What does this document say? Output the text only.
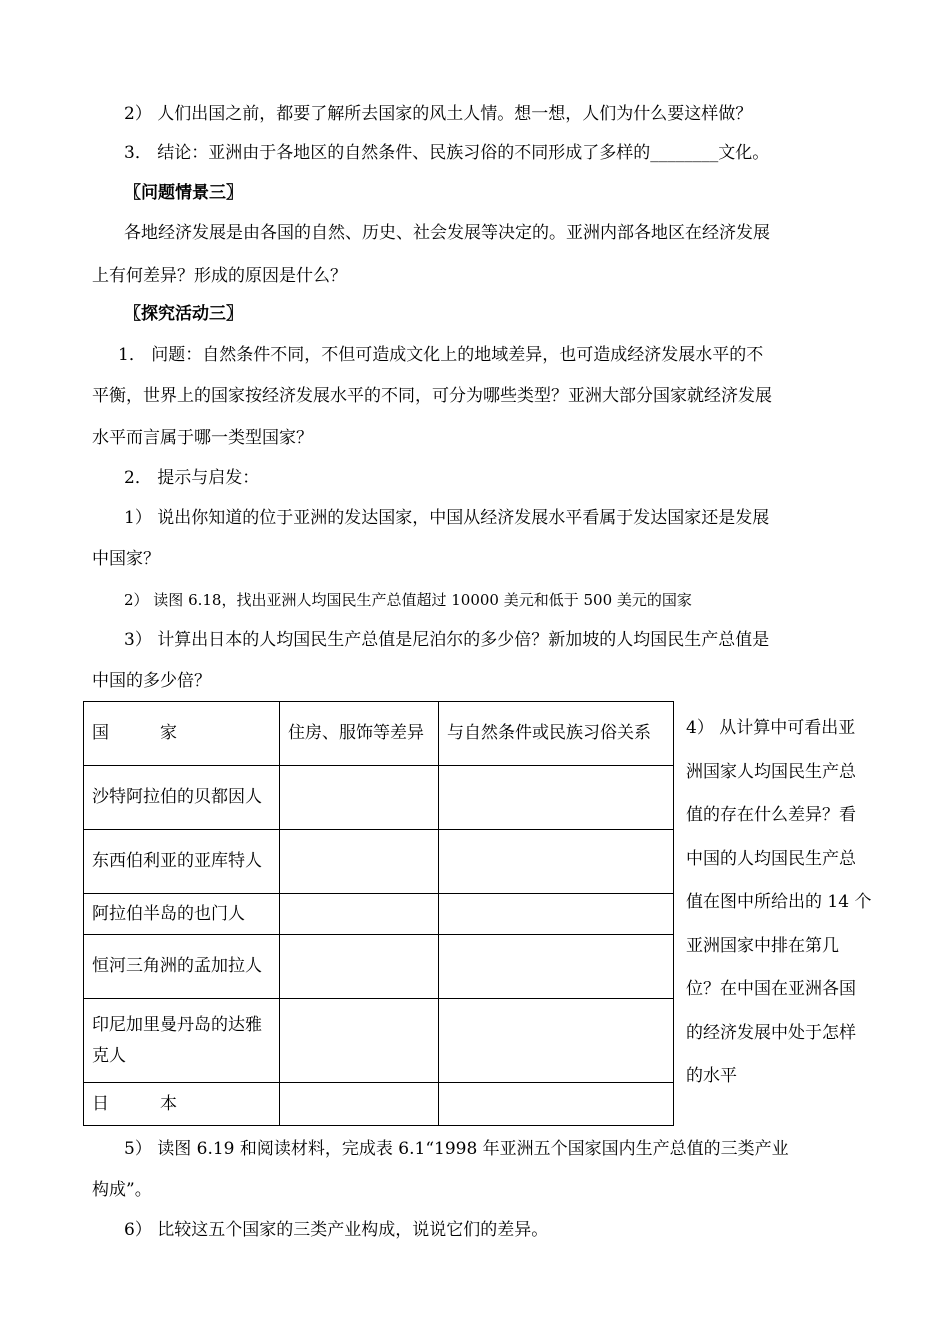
2） 人们出国之前，都要了解所去国家的风土人情。想一想，人们为什么要这样做？
3． 结论：亚洲由于各地区的自然条件、民族习俗的不同形成了多样的________文化。
〖问题情景三〗
各地经济发展是由各国的自然、历史、社会发展等决定的。亚洲内部各地区在经济发展
上有何差异？形成的原因是什么？
〖探究活动三〗
1． 问题：自然条件不同，不但可造成文化上的地域差异，也可造成经济发展水平的不
平衡，世界上的国家按经济发展水平的不同，可分为哪些类型？亚洲大部分国家就经济发展
水平而言属于哪一类型国家？
2． 提示与启发：
1） 说出你知道的位于亚洲的发达国家，中国从经济发展水平看属于发达国家还是发展
中国家？
2） 读图 6.18，找出亚洲人均国民生产总值超过 10000 美元和低于 500 美元的国家
3） 计算出日本的人均国民生产总值是尼泊尔的多少倍？新加坡的人均国民生产总值是
中国的多少倍？
国　　　家	住房、服饰等差异	与自然条件或民族习俗关系
沙特阿拉伯的贝都因人		
东西伯利亚的亚库特人		
阿拉伯半岛的也门人		
恒河三角洲的孟加拉人		
印尼加里曼丹岛的达雅克人		
日　　　本		
4） 从计算中可看出亚洲国家人均国民生产总值的存在什么差异？看中国的人均国民生产总值在图中所给出的 14 个亚洲国家中排在第几位？在中国在亚洲各国的经济发展中处于怎样的水平
5） 读图 6.19 和阅读材料，完成表 6.1“1998 年亚洲五个国家国内生产总值的三类产业
构成”。
6） 比较这五个国家的三类产业构成，说说它们的差异。
